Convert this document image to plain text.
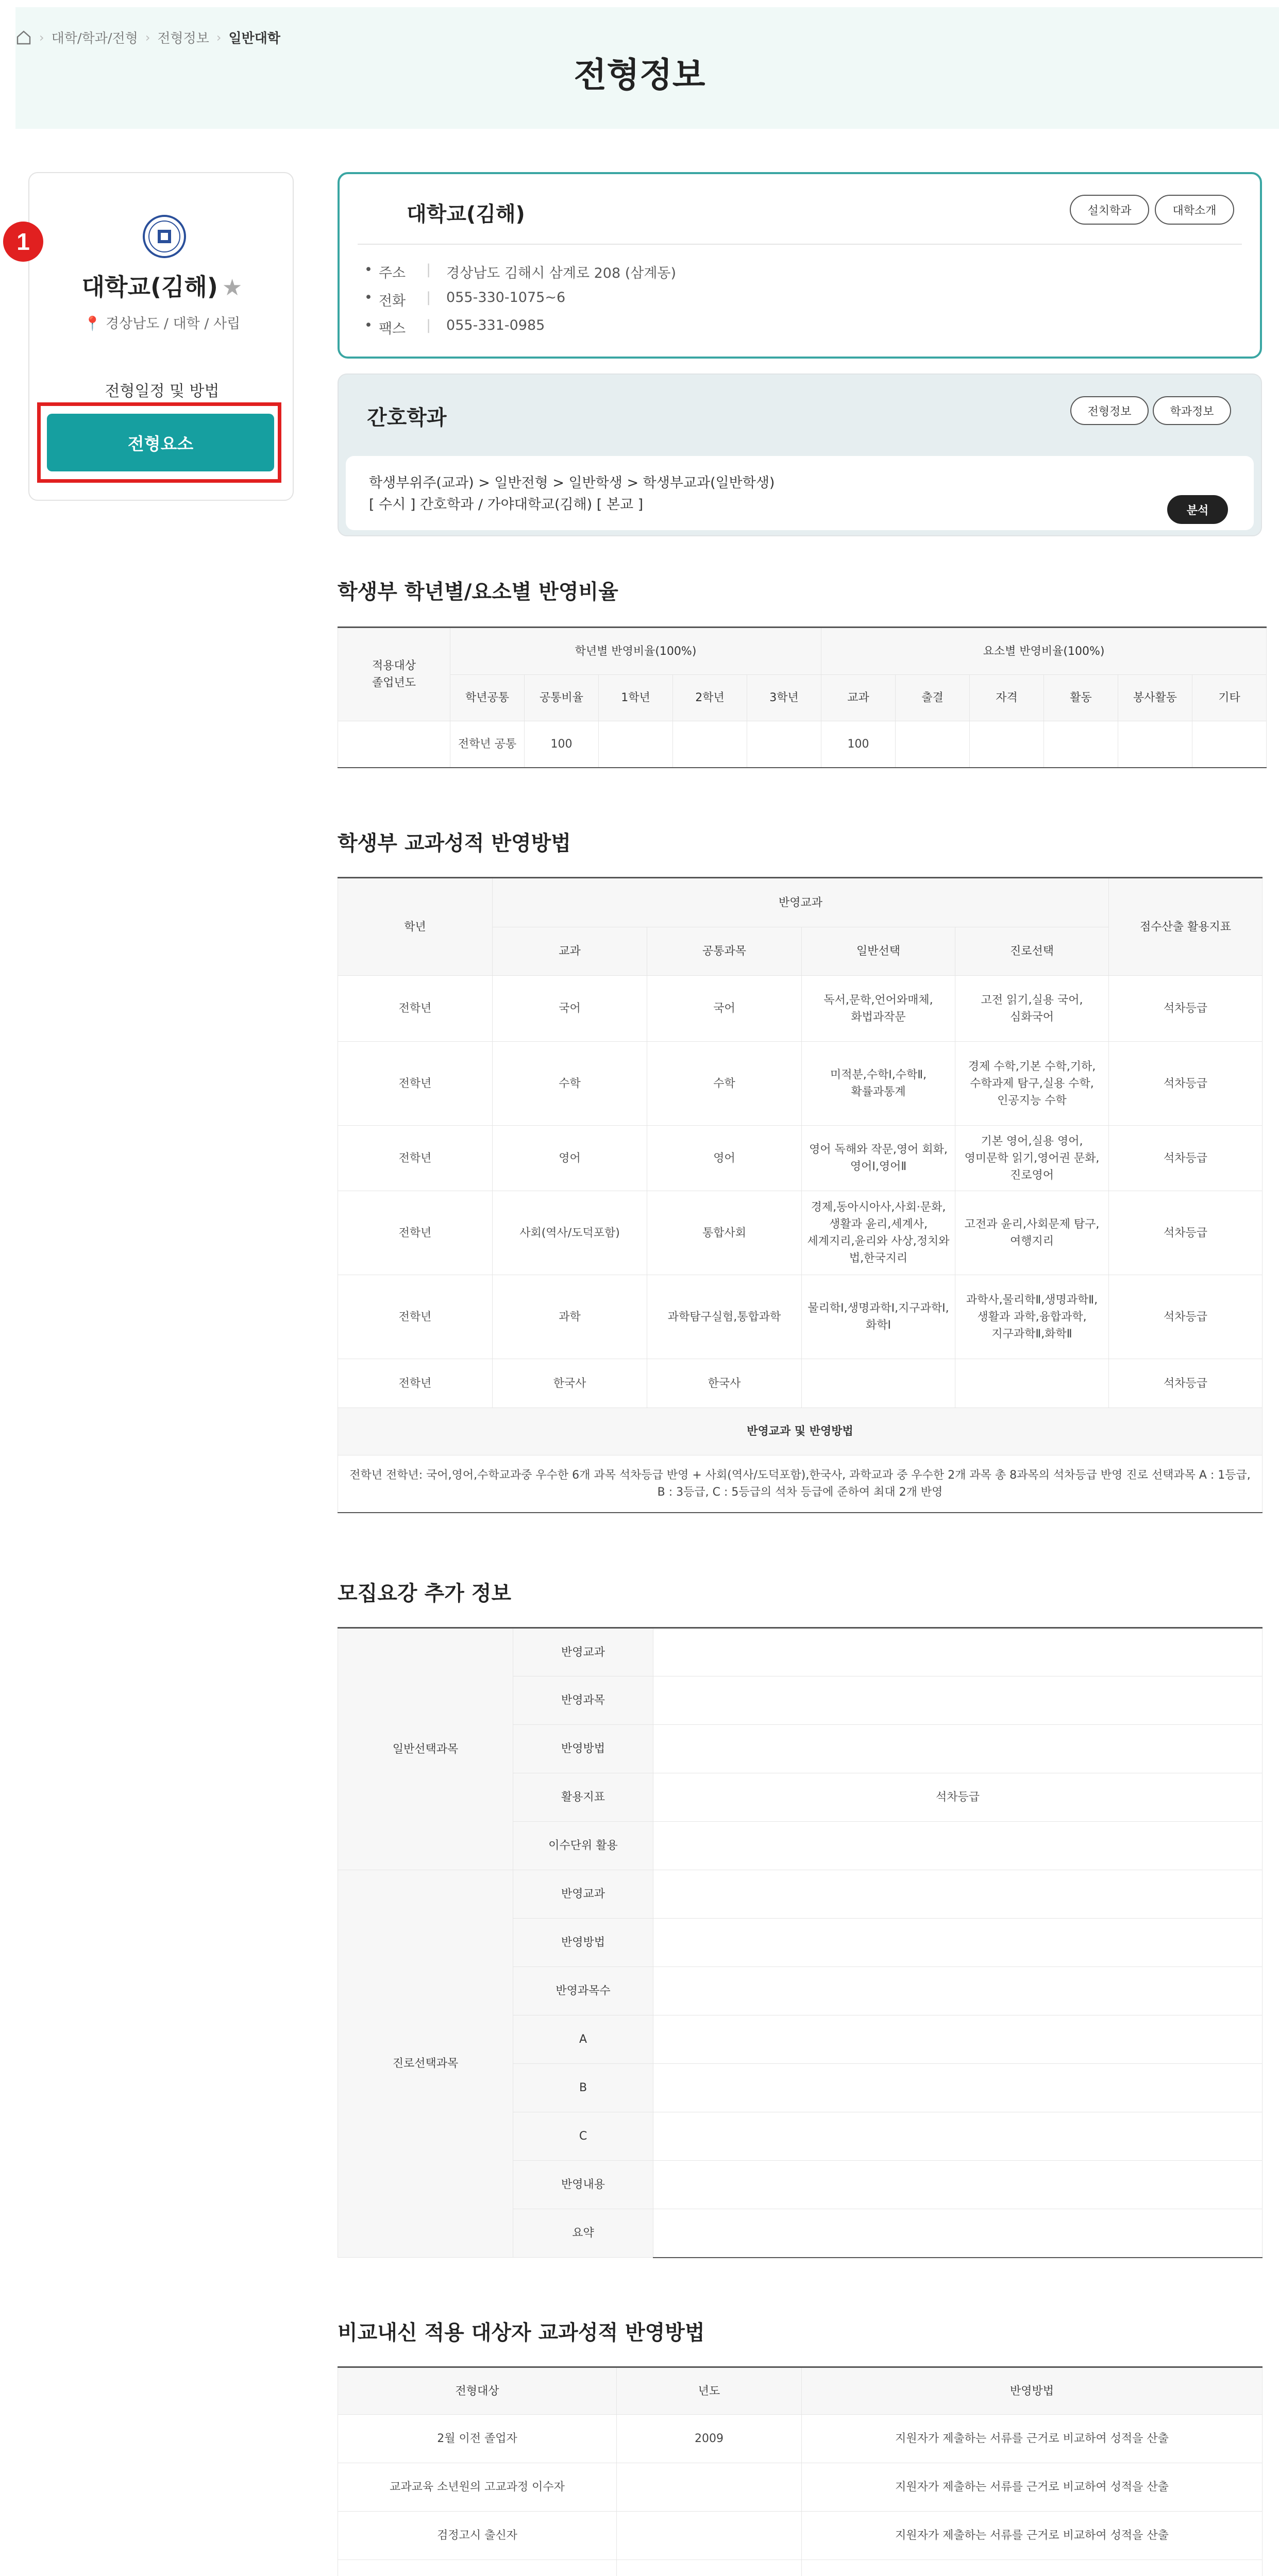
› 대학/학과/전형 › 전형정보 › 일반대학
전형정보
대학교(김해) ★
📍 경상남도 / 대학 / 사립
전형일정 및 방법
전형요소
1
대학교(김해)	설치학과	대학소개
• 주소	| 경상남도 김해시 삼계로 208 (삼계동)
• 전화	| 055-330-1075~6
• 팩스	| 055-331-0985
간호학과	전형정보	학과정보
학생부위주(교과) > 일반전형 > 일반학생 > 학생부교과(일반학생)
[ 수시 ] 간호학과 / 가야대학교(김해) [ 본교 ]	분석
학생부 학년별/요소별 반영비율
적용대상
졸업년도	학년별 반영비율(100%)					요소별 반영비율(100%)					
	학년공통	공통비율	1학년	2학년	3학년	교과	출결	자격	활동	봉사활동	기타
	전학년 공통	100				100					
학생부 교과성적 반영방법
학년	반영교과				점수산출 활용지표
	교과	공통과목	일반선택	진로선택	
전학년	국어	국어	독서,문학,언어와매체,화법과작문	고전 읽기,실용 국어,심화국어	석차등급
전학년	수학	수학	미적분,수학Ⅰ,수학Ⅱ,확률과통계	경제 수학,기본 수학,기하,수학과제 탐구,실용 수학,인공지능 수학	석차등급
전학년	영어	영어	영어 독해와 작문,영어 회화,영어Ⅰ,영어Ⅱ	기본 영어,실용 영어,영미문학 읽기,영어권 문화,진로영어	석차등급
전학년	사회(역사/도덕포함)	통합사회	경제,동아시아사,사회·문화,생활과 윤리,세계사,세계지리,윤리와 사상,정치와 법,한국지리	고전과 윤리,사회문제 탐구,여행지리	석차등급
전학년	과학	과학탐구실험,통합과학	물리학Ⅰ,생명과학Ⅰ,지구과학Ⅰ,화학Ⅰ	과학사,물리학Ⅱ,생명과학Ⅱ,생활과 과학,융합과학,지구과학Ⅱ,화학Ⅱ	석차등급
전학년	한국사	한국사			석차등급
반영교과 및 반영방법					
전학년 전학년: 국어,영어,수학교과중 우수한 6개 과목 석차등급 반영 + 사회(역사/도덕포함),한국사, 과학교과 중 우수한 2개 과목 총 8과목의 석차등급 반영 진로 선택과목 A : 1등급, B : 3등급, C : 5등급의 석차 등급에 준하여 최대 2개 반영					
모집요강 추가 정보
일반선택과목	반영교과	
	반영과목	
	반영방법	
	활용지표	석차등급
	이수단위 활용	
진로선택과목	반영교과	
	반영방법	
	반영과목수	
	A	
	B	
	C	
	반영내용	
	요약	
비교내신 적용 대상자 교과성적 반영방법
전형대상	년도	반영방법
2월 이전 졸업자	2009	지원자가 제출하는 서류를 근거로 비교하여 성적을 산출
교과교육 소년원의 고교과정 이수자		지원자가 제출하는 서류를 근거로 비교하여 성적을 산출
검정고시 출신자		지원자가 제출하는 서류를 근거로 비교하여 성적을 산출
